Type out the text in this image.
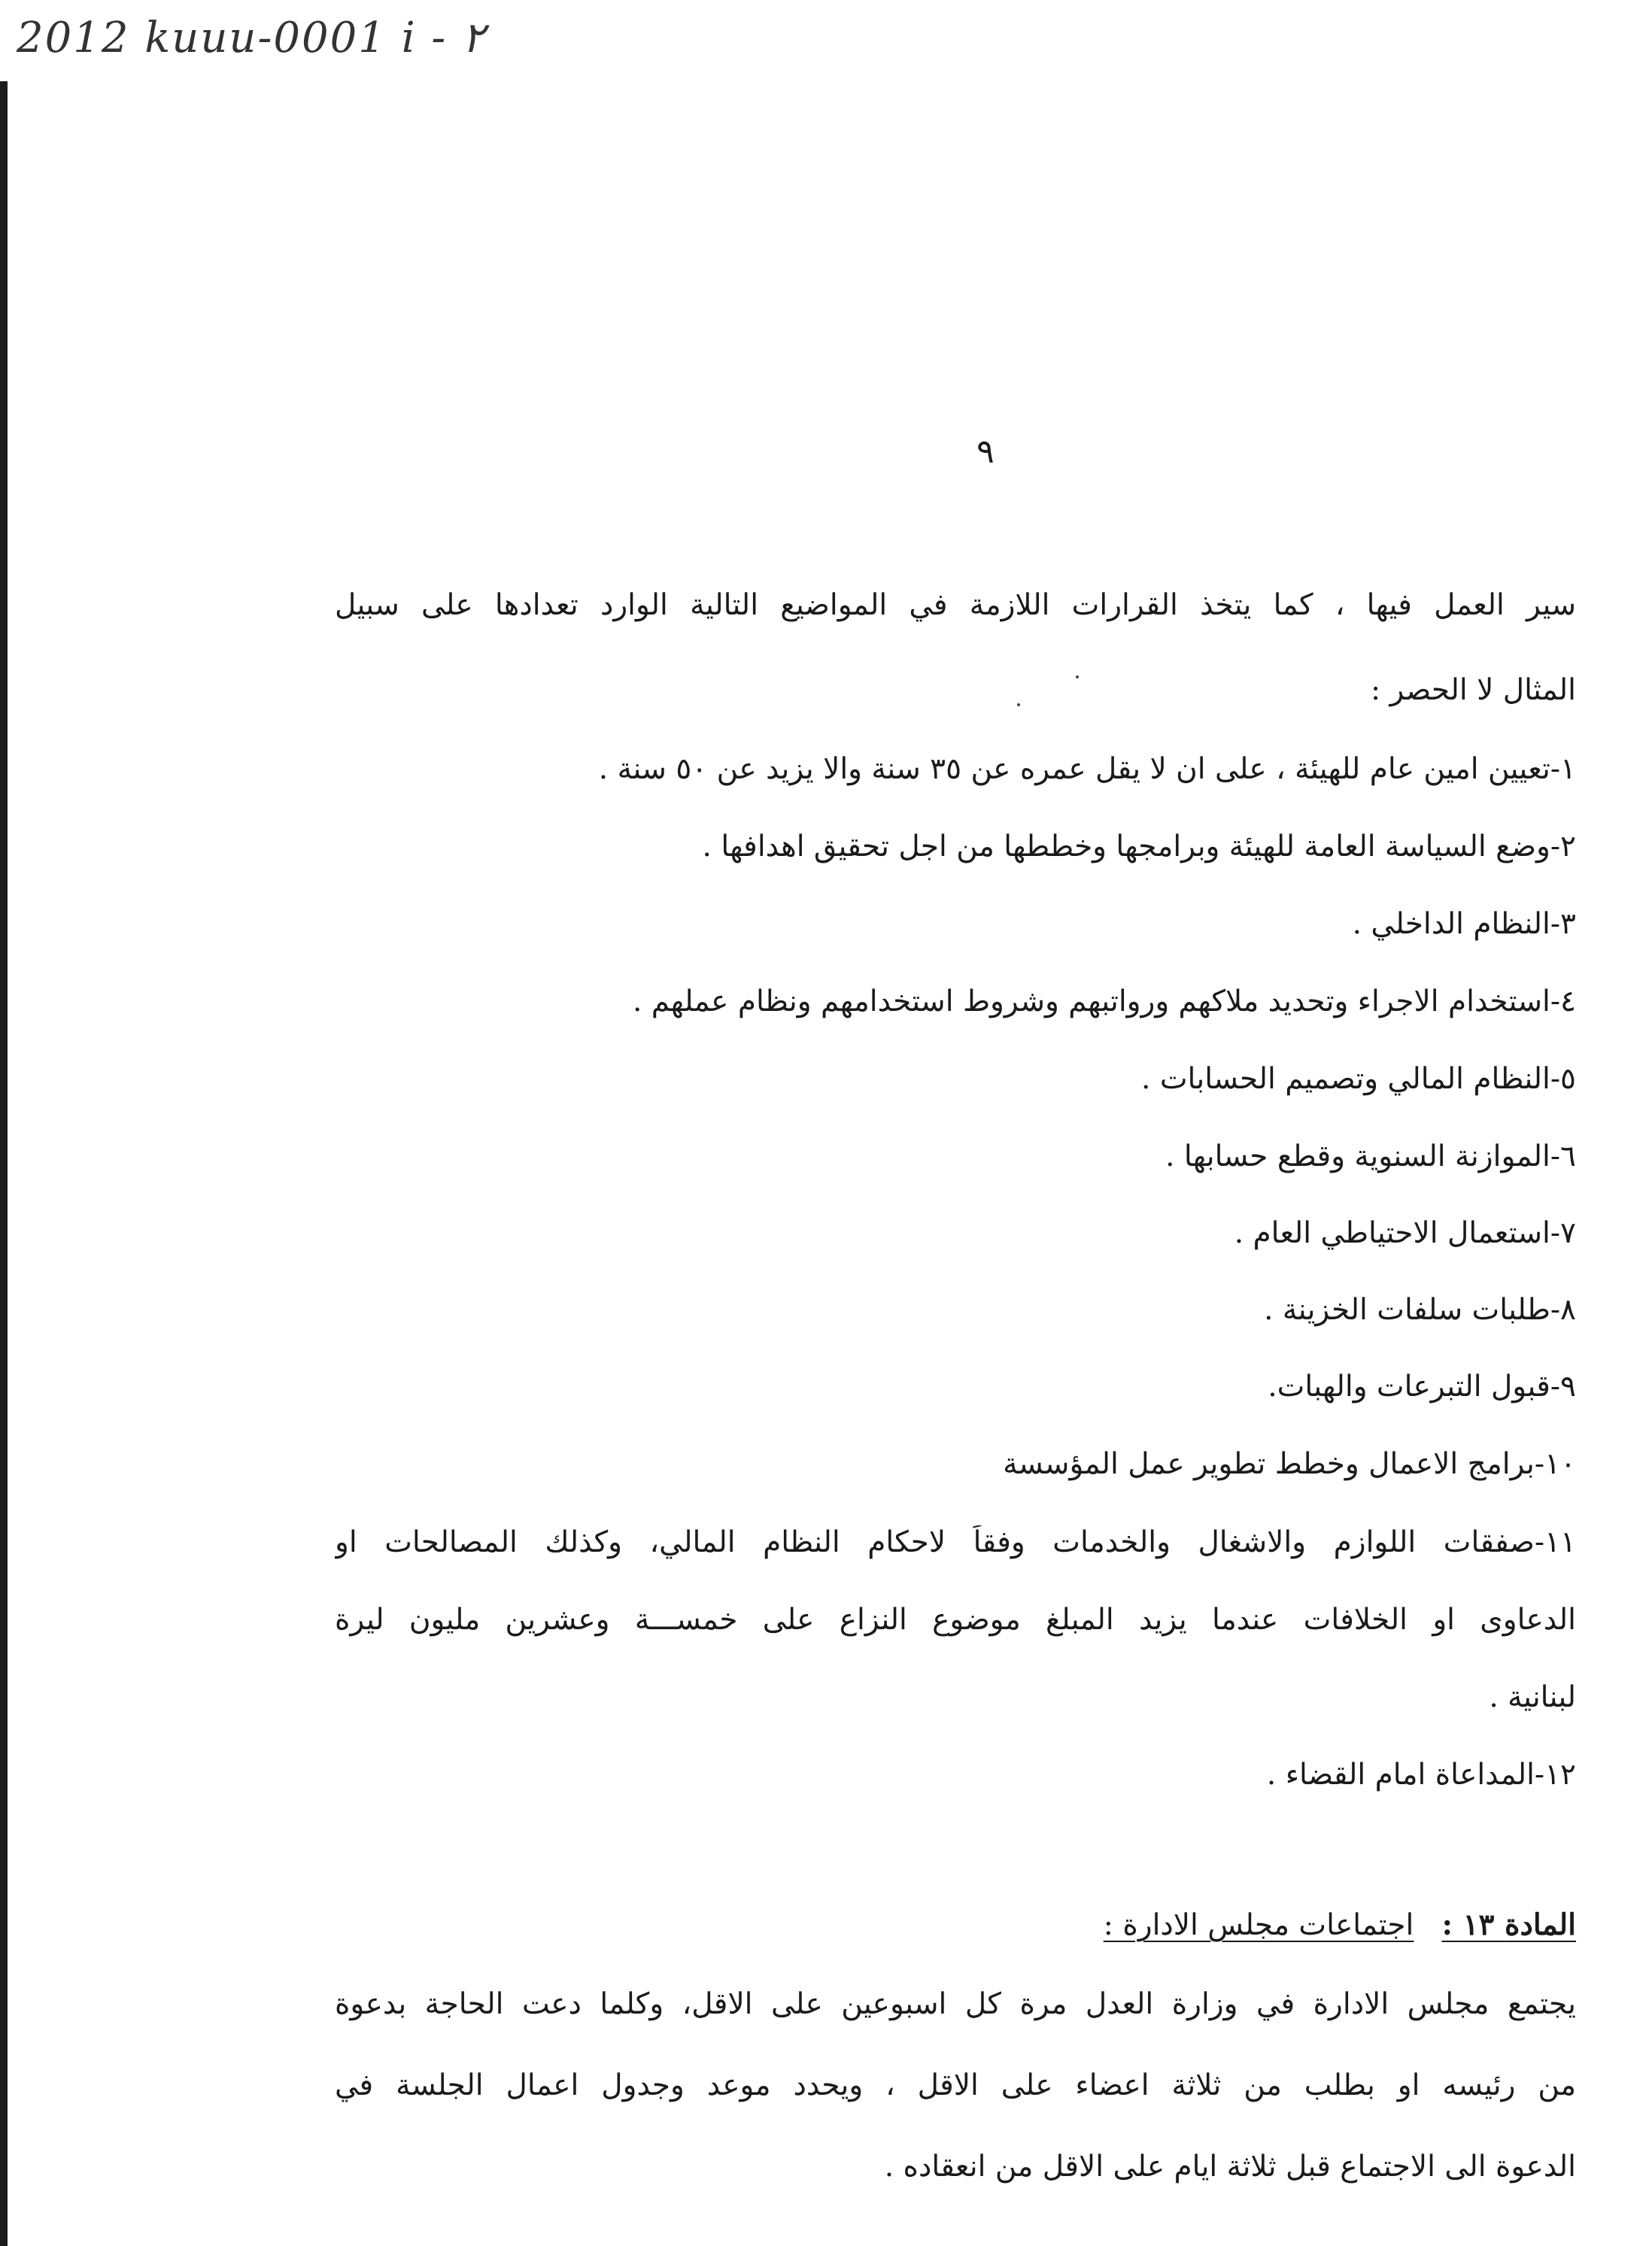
2012 kuuu-0001 i - ٢
٩
سير العمل فيها ، كما يتخذ القرارات اللازمة في المواضيع التالية الوارد تعدادها على سبيل
المثال لا الحصر :
١-تعيين امين عام للهيئة ، على ان لا يقل عمره عن ٣٥ سنة والا يزيد عن ٥٠ سنة .
٢-وضع السياسة العامة للهيئة وبرامجها وخططها من اجل تحقيق اهدافها .
٣-النظام الداخلي .
٤-استخدام الاجراء وتحديد ملاكهم ورواتبهم وشروط استخدامهم ونظام عملهم .
٥-النظام المالي وتصميم الحسابات .
٦-الموازنة السنوية وقطع حسابها .
٧-استعمال الاحتياطي العام .
٨-طلبات سلفات الخزينة .
٩-قبول التبرعات والهبات.
١٠-برامج الاعمال وخطط تطوير عمل المؤسسة
١١-صفقات اللوازم والاشغال والخدمات وفقاً لاحكام النظام المالي، وكذلك المصالحات او
الدعاوى او الخلافات عندما يزيد المبلغ موضوع النزاع على خمســـة وعشرين مليون ليرة
لبنانية .
١٢-المداعاة امام القضاء .
المادة ١٣ :   اجتماعات مجلس الادارة :
يجتمع مجلس الادارة في وزارة العدل مرة كل اسبوعين على الاقل، وكلما دعت الحاجة بدعوة
من رئيسه او بطلب من ثلاثة اعضاء على الاقل ، ويحدد موعد وجدول اعمال الجلسة في
الدعوة الى الاجتماع قبل ثلاثة ايام على الاقل من انعقاده .
